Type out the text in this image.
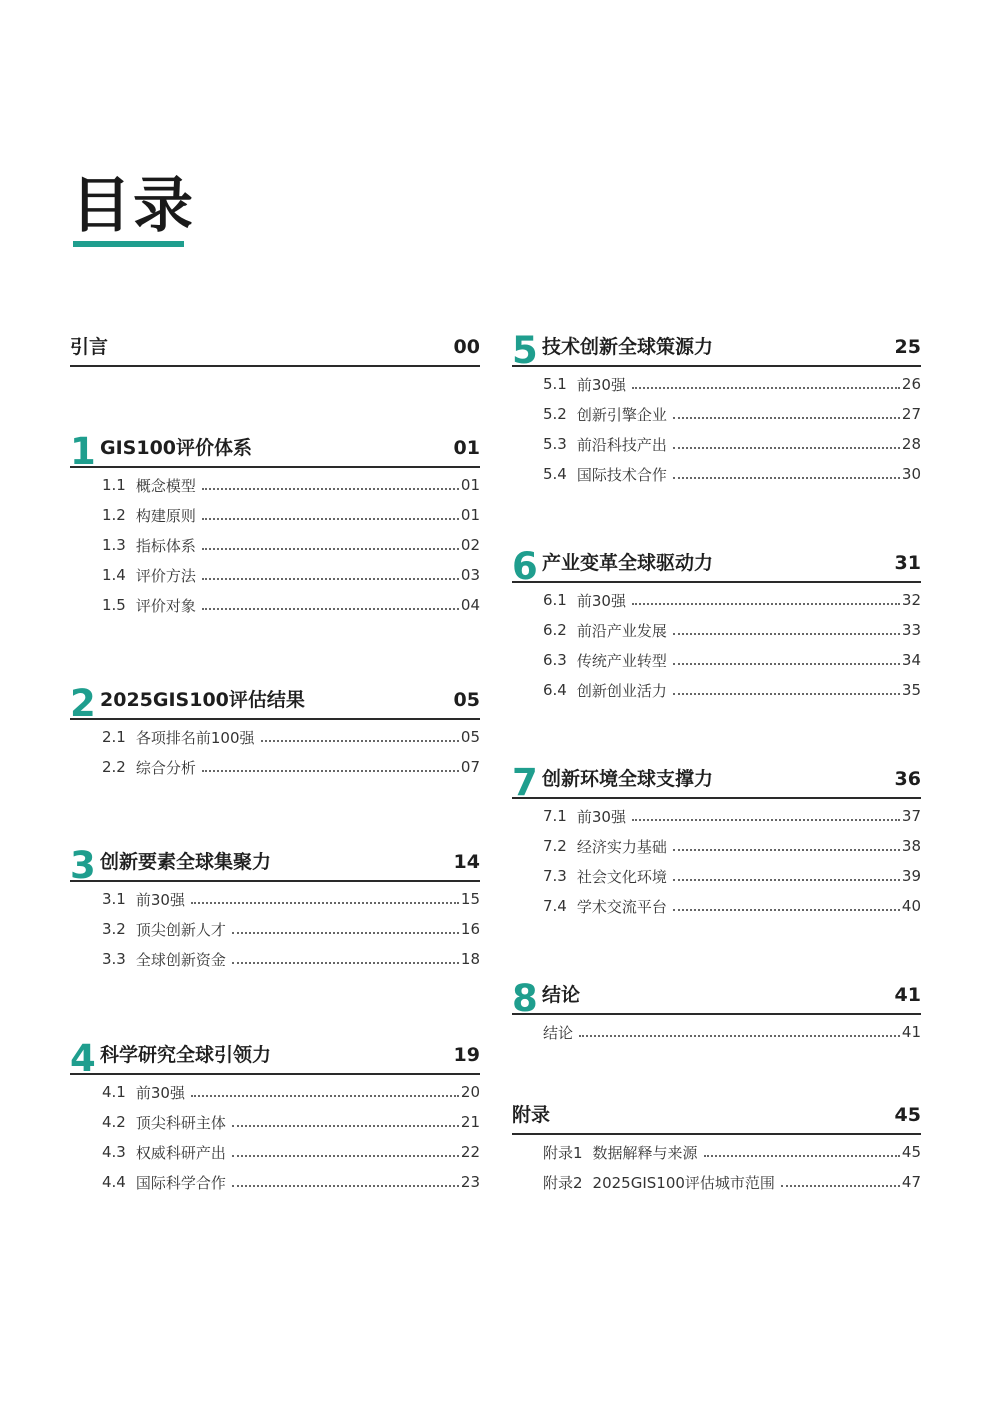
目录
引言	00
1 GIS100评价体系	01
1.1 概念模型	01
1.2 构建原则	01
1.3 指标体系	02
1.4 评价方法	03
1.5 评价对象	04
2 2025GIS100评估结果	05
2.1 各项排名前100强	05
2.2 综合分析	07
3 创新要素全球集聚力	14
3.1 前30强	15
3.2 顶尖创新人才	16
3.3 全球创新资金	18
4 科学研究全球引领力	19
4.1 前30强	20
4.2 顶尖科研主体	21
4.3 权威科研产出	22
4.4 国际科学合作	23
5 技术创新全球策源力	25
5.1 前30强	26
5.2 创新引擎企业	27
5.3 前沿科技产出	28
5.4 国际技术合作	30
6 产业变革全球驱动力	31
6.1 前30强	32
6.2 前沿产业发展	33
6.3 传统产业转型	34
6.4 创新创业活力	35
7 创新环境全球支撑力	36
7.1 前30强	37
7.2 经济实力基础	38
7.3 社会文化环境	39
7.4 学术交流平台	40
8 结论	41
结论	41
附录	45
附录1 数据解释与来源	45
附录2 2025GIS100评估城市范围	47
